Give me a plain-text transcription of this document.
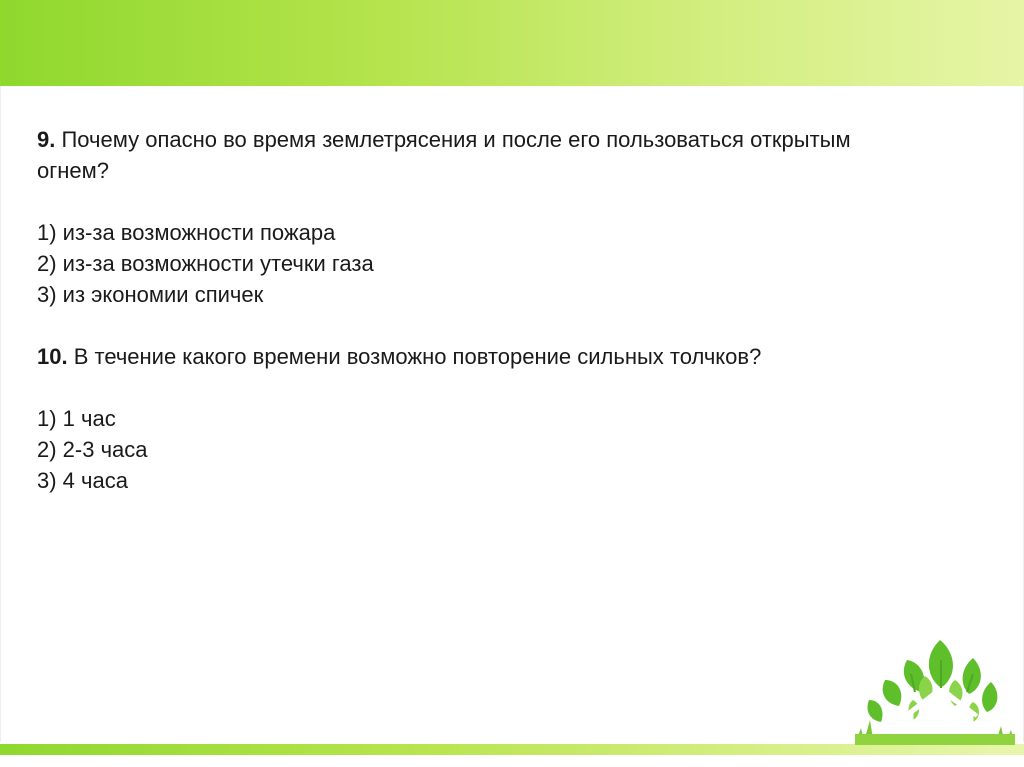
9. Почему опасно во время землетрясения и после его пользоваться открытым
огнем?
1) из-за возможности пожара
2) из-за возможности утечки газа
3) из экономии спичек
10. В течение какого времени возможно повторение сильных толчков?
1) 1 час
2) 2-3 часа
3) 4 часа
